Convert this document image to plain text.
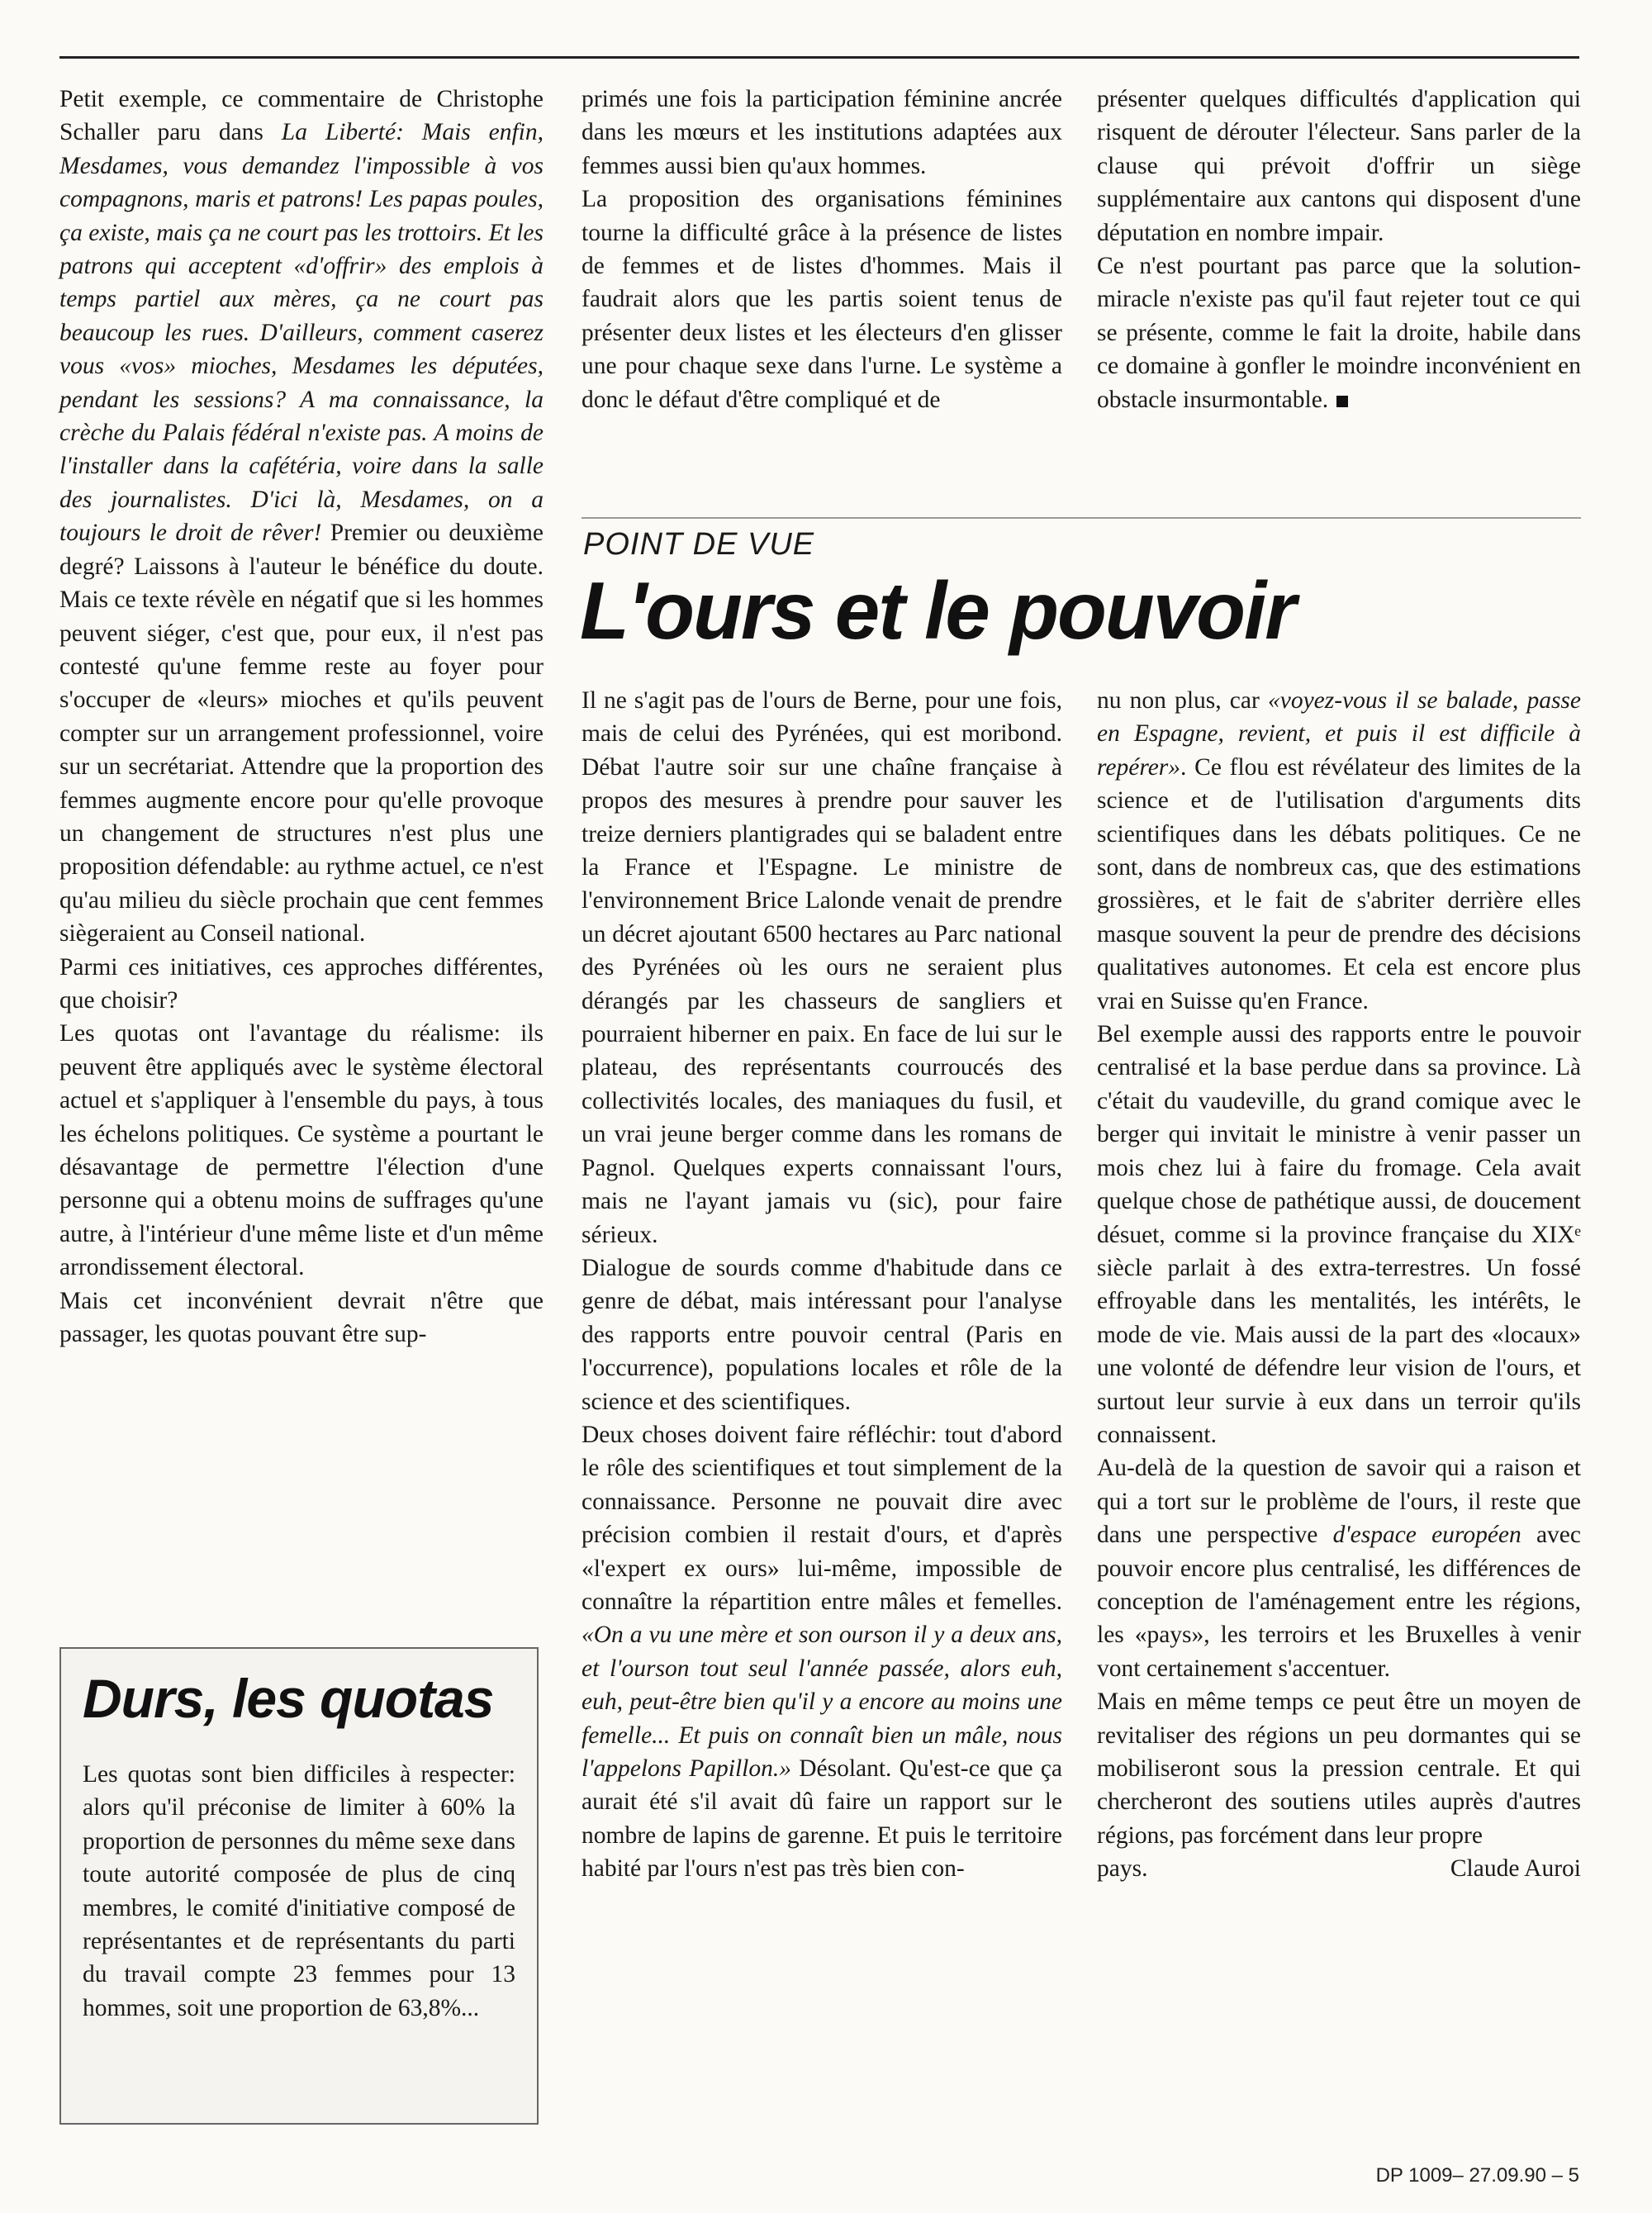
Petit exemple, ce commentaire de Christophe Schaller paru dans La Liberté: Mais enfin, Mesdames, vous demandez l'impossible à vos compagnons, maris et patrons! Les papas poules, ça existe, mais ça ne court pas les trottoirs. Et les patrons qui acceptent «d'offrir» des emplois à temps partiel aux mères, ça ne court pas beaucoup les rues. D'ailleurs, comment caserez vous «vos» mioches, Mesdames les députées, pendant les sessions? A ma connaissance, la crèche du Palais fédéral n'existe pas. A moins de l'installer dans la cafétéria, voire dans la salle des journalistes. D'ici là, Mesdames, on a toujours le droit de rêver! Premier ou deuxième degré? Laissons à l'auteur le bénéfice du doute. Mais ce texte révèle en négatif que si les hommes peuvent siéger, c'est que, pour eux, il n'est pas contesté qu'une femme reste au foyer pour s'occuper de «leurs» mioches et qu'ils peuvent compter sur un arrangement professionnel, voire sur un secrétariat. Attendre que la proportion des femmes augmente encore pour qu'elle provoque un changement de structures n'est plus une proposition défendable: au rythme actuel, ce n'est qu'au milieu du siècle prochain que cent femmes siègeraient au Conseil national.

Parmi ces initiatives, ces approches différentes, que choisir?

Les quotas ont l'avantage du réalisme: ils peuvent être appliqués avec le système électoral actuel et s'appliquer à l'ensemble du pays, à tous les échelons politiques. Ce système a pourtant le désavantage de permettre l'élection d'une personne qui a obtenu moins de suffrages qu'une autre, à l'intérieur d'une même liste et d'un même arrondissement électoral.

Mais cet inconvénient devrait n'être que passager, les quotas pouvant être sup-

primés une fois la participation féminine ancrée dans les mœurs et les institutions adaptées aux femmes aussi bien qu'aux hommes.

La proposition des organisations féminines tourne la difficulté grâce à la présence de listes de femmes et de listes d'hommes. Mais il faudrait alors que les partis soient tenus de présenter deux listes et les électeurs d'en glisser une pour chaque sexe dans l'urne. Le système a donc le défaut d'être compliqué et de

présenter quelques difficultés d'application qui risquent de dérouter l'électeur. Sans parler de la clause qui prévoit d'offrir un siège supplémentaire aux cantons qui disposent d'une députation en nombre impair.

Ce n'est pourtant pas parce que la solution-miracle n'existe pas qu'il faut rejeter tout ce qui se présente, comme le fait la droite, habile dans ce domaine à gonfler le moindre inconvénient en obstacle insurmontable.

POINT DE VUE
L'ours et le pouvoir

Il ne s'agit pas de l'ours de Berne, pour une fois, mais de celui des Pyrénées, qui est moribond. Débat l'autre soir sur une chaîne française à propos des mesures à prendre pour sauver les treize derniers plantigrades qui se baladent entre la France et l'Espagne. Le ministre de l'environnement Brice Lalonde venait de prendre un décret ajoutant 6500 hectares au Parc national des Pyrénées où les ours ne seraient plus dérangés par les chasseurs de sangliers et pourraient hiberner en paix. En face de lui sur le plateau, des représentants courroucés des collectivités locales, des maniaques du fusil, et un vrai jeune berger comme dans les romans de Pagnol. Quelques experts connaissant l'ours, mais ne l'ayant jamais vu (sic), pour faire sérieux.

Dialogue de sourds comme d'habitude dans ce genre de débat, mais intéressant pour l'analyse des rapports entre pouvoir central (Paris en l'occurrence), populations locales et rôle de la science et des scientifiques.

Deux choses doivent faire réfléchir: tout d'abord le rôle des scientifiques et tout simplement de la connaissance. Personne ne pouvait dire avec précision combien il restait d'ours, et d'après «l'expert ex ours» lui-même, impossible de connaître la répartition entre mâles et femelles. «On a vu une mère et son ourson il y a deux ans, et l'ourson tout seul l'année passée, alors euh, euh, peut-être bien qu'il y a encore au moins une femelle... Et puis on connaît bien un mâle, nous l'appelons Papillon.» Désolant. Qu'est-ce que ça aurait été s'il avait dû faire un rapport sur le nombre de lapins de garenne. Et puis le territoire habité par l'ours n'est pas très bien con-

nu non plus, car «voyez-vous il se balade, passe en Espagne, revient, et puis il est difficile à repérer». Ce flou est révélateur des limites de la science et de l'utilisation d'arguments dits scientifiques dans les débats politiques. Ce ne sont, dans de nombreux cas, que des estimations grossières, et le fait de s'abriter derrière elles masque souvent la peur de prendre des décisions qualitatives autonomes. Et cela est encore plus vrai en Suisse qu'en France.

Bel exemple aussi des rapports entre le pouvoir centralisé et la base perdue dans sa province. Là c'était du vaudeville, du grand comique avec le berger qui invitait le ministre à venir passer un mois chez lui à faire du fromage. Cela avait quelque chose de pathétique aussi, de doucement désuet, comme si la province française du XIXᵉ siècle parlait à des extra-terrestres. Un fossé effroyable dans les mentalités, les intérêts, le mode de vie. Mais aussi de la part des «locaux» une volonté de défendre leur vision de l'ours, et surtout leur survie à eux dans un terroir qu'ils connaissent.

Au-delà de la question de savoir qui a raison et qui a tort sur le problème de l'ours, il reste que dans une perspective d'espace européen avec pouvoir encore plus centralisé, les différences de conception de l'aménagement entre les régions, les «pays», les terroirs et les Bruxelles à venir vont certainement s'accentuer.

Mais en même temps ce peut être un moyen de revitaliser des régions un peu dormantes qui se mobiliseront sous la pression centrale. Et qui chercheront des soutiens utiles auprès d'autres régions, pas forcément dans leur propre

pays.	Claude Auroi

Durs, les quotas
Les quotas sont bien difficiles à respecter: alors qu'il préconise de limiter à 60% la proportion de personnes du même sexe dans toute autorité composée de plus de cinq membres, le comité d'initiative composé de représentantes et de représentants du parti du travail compte 23 femmes pour 13 hommes, soit une proportion de 63,8%...
DP 1009– 27.09.90 – 5
